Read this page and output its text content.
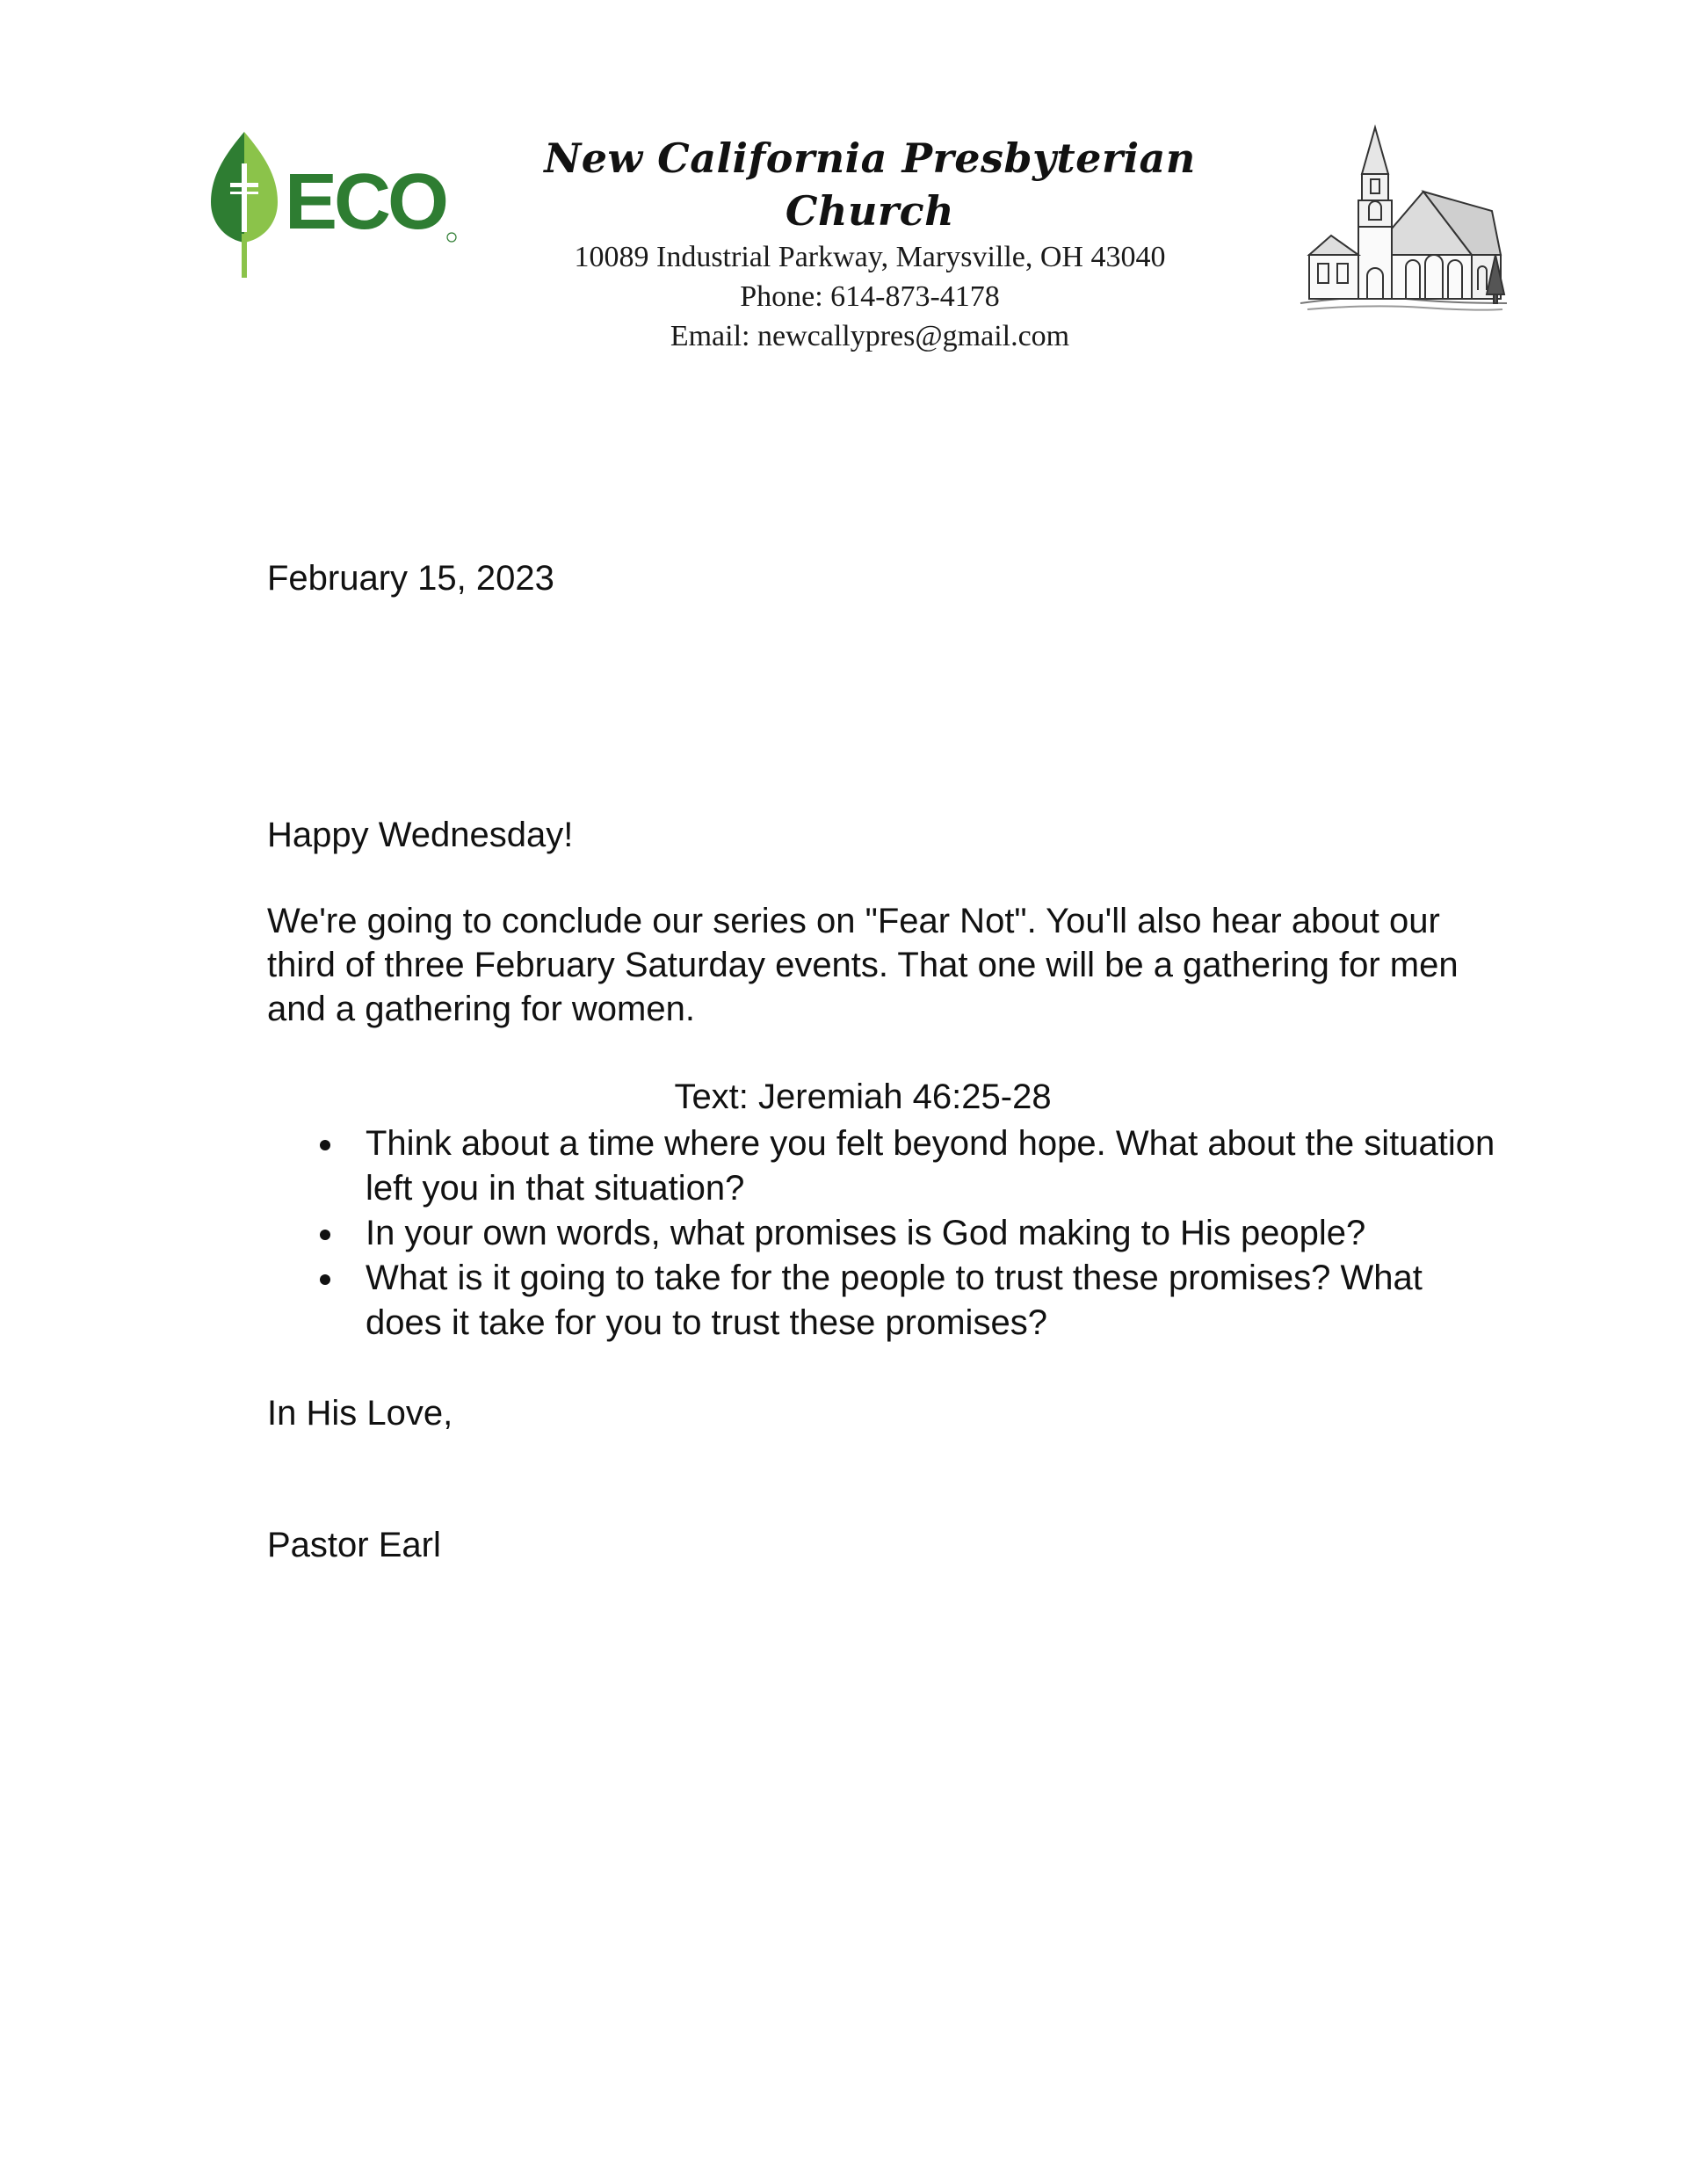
ECO	New California Presbyterian Church
10089 Industrial Parkway, Marysville, OH 43040
Phone: 614-873-4178
Email: newcallypres@gmail.com

February 15, 2023

Happy Wednesday!

We're going to conclude our series on "Fear Not". You'll also hear about our third of three February Saturday events. That one will be a gathering for men and a gathering for women.

Text: Jeremiah 46:25-28
Think about a time where you felt beyond hope. What about the situation left you in that situation?
In your own words, what promises is God making to His people?
What is it going to take for the people to trust these promises? What does it take for you to trust these promises?

In His Love,

Pastor Earl
